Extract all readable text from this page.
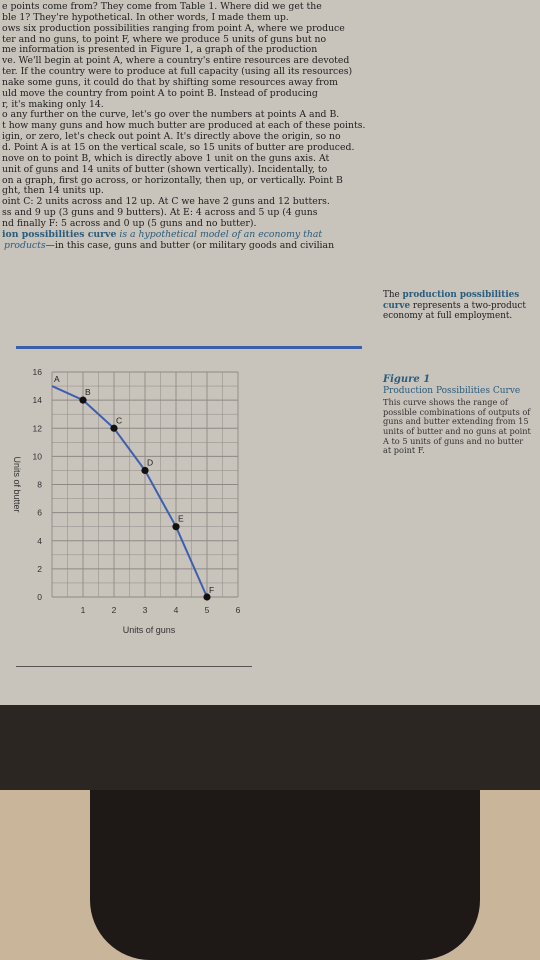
e points come from? They come from Table 1. Where did we get the
ble 1? They're hypothetical. In other words, I made them up.
ows six production possibilities ranging from point A, where we produce
ter and no guns, to point F, where we produce 5 units of guns but no
me information is presented in Figure 1, a graph of the production
ve. We'll begin at point A, where a country's entire resources are devoted
ter. If the country were to produce at full capacity (using all its resources)
nake some guns, it could do that by shifting some resources away from
uld move the country from point A to point B. Instead of producing
r, it's making only 14.
o any further on the curve, let's go over the numbers at points A and B.
t how many guns and how much butter are produced at each of these points.
igin, or zero, let's check out point A. It's directly above the origin, so no
d. Point A is at 15 on the vertical scale, so 15 units of butter are produced.
nove on to point B, which is directly above 1 unit on the guns axis. At
unit of guns and 14 units of butter (shown vertically). Incidentally, to
on a graph, first go across, or horizontally, then up, or vertically. Point B
ght, then 14 units up.
oint C: 2 units across and 12 up. At C we have 2 guns and 12 butters.
ss and 9 up (3 guns and 9 butters). At E: 4 across and 5 up (4 guns
nd finally F: 5 across and 0 up (5 guns and no butter).
ion possibilities curve is a hypothetical model of an economy that
products—in this case, guns and butter (or military goods and civilian
The production possibilities curve represents a two-product economy at full employment.
Figure 1
Production Possibilities Curve
This curve shows the range of possible combinations of outputs of guns and butter extending from 15 units of butter and no guns at point A to 5 units of guns and no butter at point F.
0
2
4
6
8
10
12
14
16
1	2	3	4	5	6
Units of guns
Units of butter
A
B
C
D
E
F
